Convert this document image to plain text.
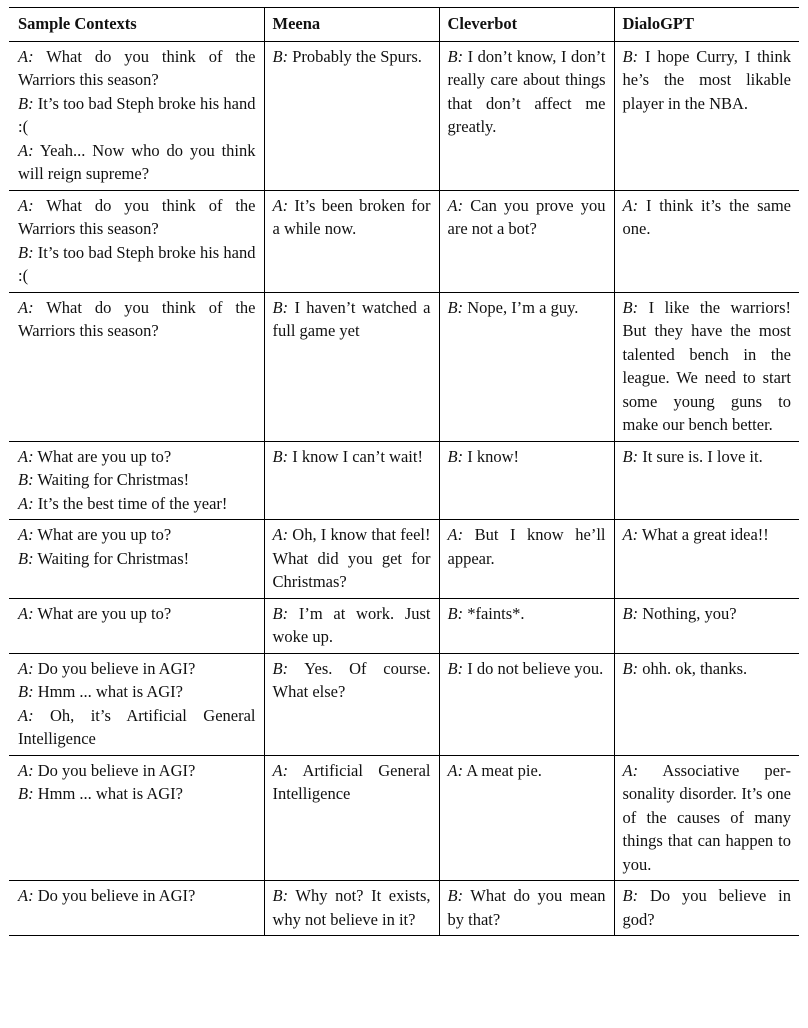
Sample Contexts	Meena	Cleverbot	DialoGPT

A: What do you think of the Warriors this season?
B: It’s too bad Steph broke his hand :(
A: Yeah... Now who do you think will reign supreme?	B: Probably the Spurs.	B: I don’t know, I don’t really care about things that don’t affect me greatly.	B: I hope Curry, I think he’s the most likable player in the NBA.

A: What do you think of the Warriors this season?
B: It’s too bad Steph broke his hand :(	A: It’s been broken for a while now.	A: Can you prove you are not a bot?	A: I think it’s the same one.

A: What do you think of the Warriors this season?	B: I haven’t watched a full game yet	B: Nope, I’m a guy.	B: I like the warriors! But they have the most talented bench in the league. We need to start some young guns to make our bench better.

A: What are you up to?
B: Waiting for Christmas!
A: It’s the best time of the year!	B: I know I can’t wait!	B: I know!	B: It sure is. I love it.

A: What are you up to?
B: Waiting for Christmas!	A: Oh, I know that feel! What did you get for Christmas?	A: But I know he’ll appear.	A: What a great idea!!

A: What are you up to?	B: I’m at work. Just woke up.	B: *faints*.	B: Nothing, you?

A: Do you believe in AGI?
B: Hmm ... what is AGI?
A: Oh, it’s Artificial General Intelligence	B: Yes. Of course. What else?	B: I do not believe you.	B: ohh. ok, thanks.

A: Do you believe in AGI?
B: Hmm ... what is AGI?	A: Artificial General Intelligence	A: A meat pie.	A: Associative personality disorder. It’s one of the causes of many things that can happen to you.

A: Do you believe in AGI?	B: Why not? It exists, why not believe in it?	B: What do you mean by that?	B: Do you believe in god?
